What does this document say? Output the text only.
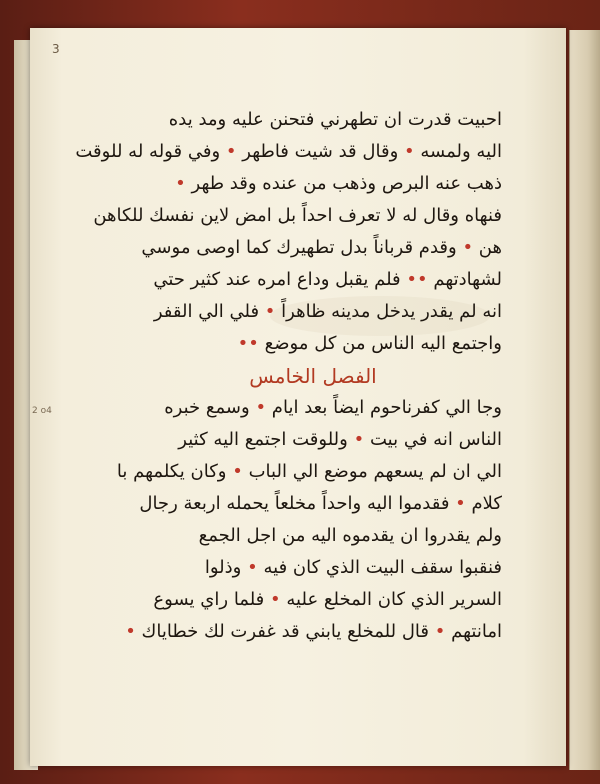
3
2 o4
احبيت قدرت ان تطهرني فتحنن عليه ومد يده
اليه ولمسه • وقال قد شيت فاطهر • وفي قوله له للوقت
ذهب عنه البرص وذهب من عنده وقد طهر •
فنهاه وقال له ل تعرف احدا بل امض لين نفسك للكاهن
هن • وقدم قربانا بدل تطهيرك كما اوصى موسي
لشهادتهم •• فلم يقبل وداع امره عند كثير حتي
انه لم يقدر يدخل مدينه ظاهرا • فلي الي القفر
واجتمع اليه الناس من كل موضع ••
الفصل الخامس
وجا الي كفرناحوم ايضا بعد ايام • وسمع خبره
الناس انه في بيت • وللوقت اجتمع اليه كثير
الي ان لم يسعهم موضع الي الباب • وكان يكلمهم با
كلم • فقدموا اليه واحدا مخلعا يحمله اربعة رجال
ولم يقدروا ان يقدموه اليه من اجل الجمع
فنقبوا سقف البيت الذي كان فيه • وذلوا
السرير الذي كان المخلع عليه • فلما راي يسوع
امانتهم • قال للمخلع يابني قد غفرت لك خطاياك •
